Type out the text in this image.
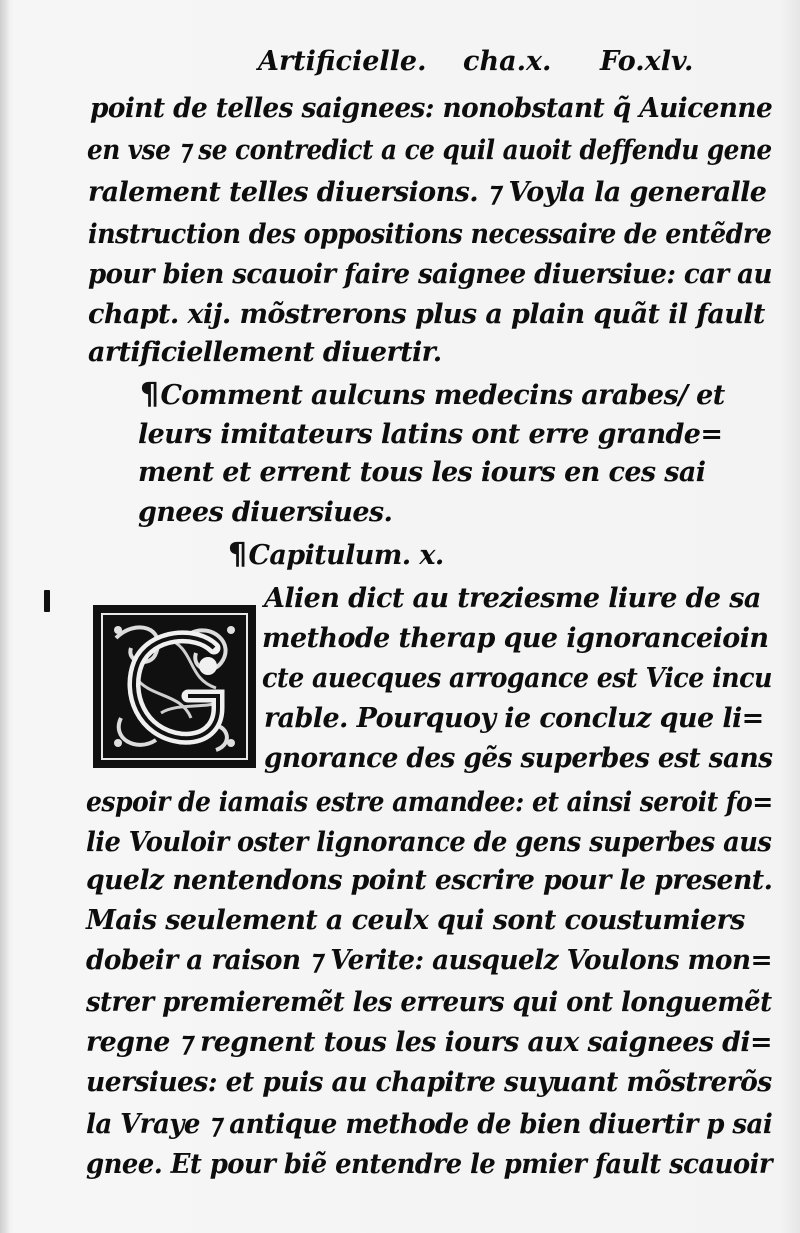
Artificielle. cha.x. Fo.xlv.
point de telles saignees: nonobstant q̃ Auicenne
en vse ⁊ se contredict a ce quil auoit deffendu gene
ralement telles diuersions. ⁊ Voyla la generalle
instruction des oppositions necessaire de entẽdre
pour bien scauoir faire saignee diuersiue: car au
chapt. xij. mõstrerons plus a plain quãt il fault
artificiellement diuertir.
¶Comment aulcuns medecins arabes/ et
leurs imitateurs latins ont erre grande=
ment et errent tous les iours en ces sai
gnees diuersiues.
¶Capitulum. x.
Alien dict au treziesme liure de sa
methode therap que ignoranceioin
cte auecques arrogance est Vice incu
rable. Pourquoy ie concluz que li=
gnorance des gẽs superbes est sans
espoir de iamais estre amandee: et ainsi seroit fo=
lie Vouloir oster lignorance de gens superbes aus
quelz nentendons point escrire pour le present.
Mais seulement a ceulx qui sont coustumiers
dobeir a raison ⁊ Verite: ausquelz Voulons mon=
strer premieremẽt les erreurs qui ont longuemẽt
regne ⁊ regnent tous les iours aux saignees di=
uersiues: et puis au chapitre suyuant mõstrerõs
la Vraye ⁊ antique methode de bien diuertir p sai
gnee. Et pour biẽ entendre le pmier fault scauoir
